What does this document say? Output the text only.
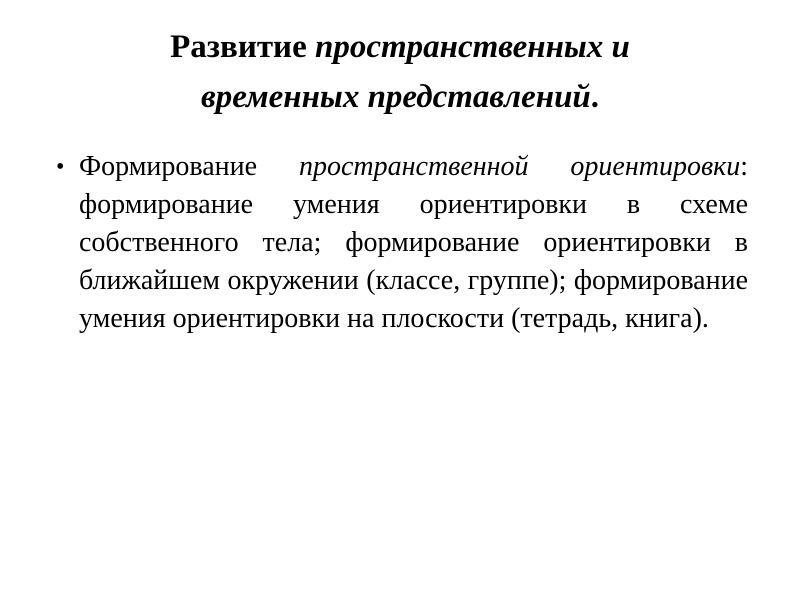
Развитие пространственных и
временных представлений.
• Формирование пространственной ориентировки: формирование умения ориентировки в схеме собственного тела; формирование ориентировки в ближайшем окружении (классе, группе); формирование умения ориентировки на плоскости (тетрадь, книга).
